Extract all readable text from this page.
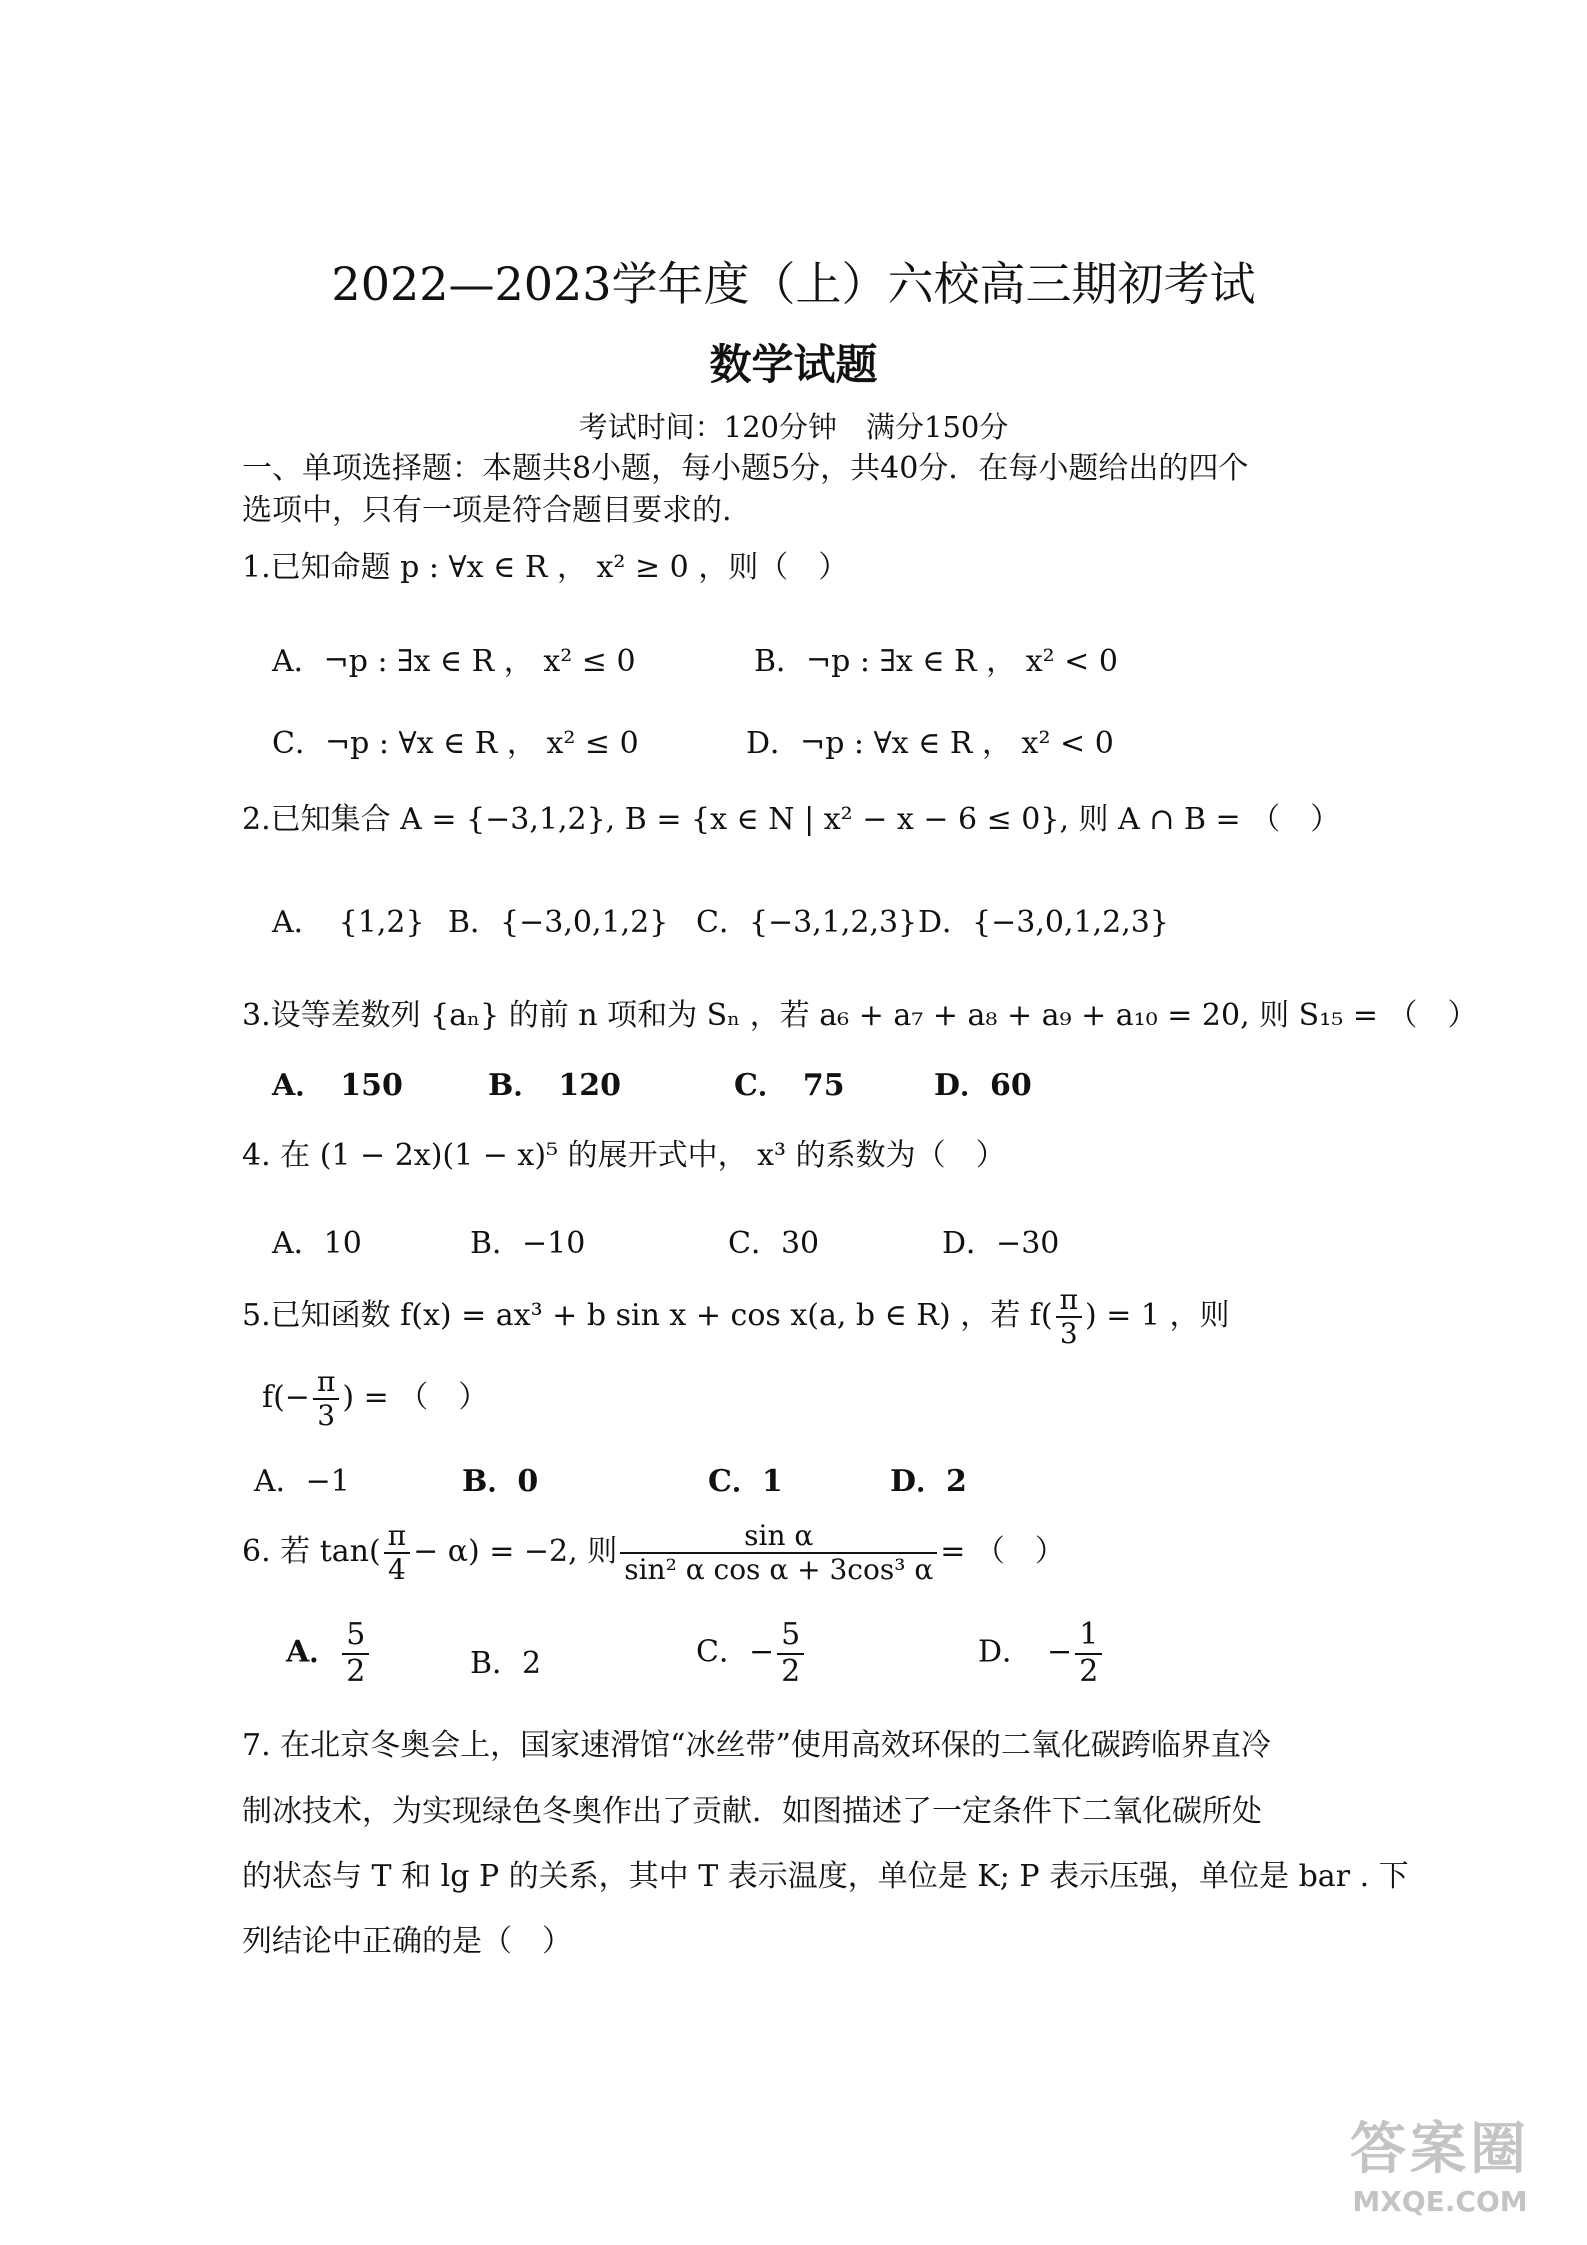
2022—2023学年度（上）六校高三期初考试
数学试题
考试时间：120分钟　满分150分
一、单项选择题：本题共8小题，每小题5分，共40分．在每小题给出的四个
选项中，只有一项是符合题目要求的.
1.已知命题 p : ∀x ∈ R ， x² ≥ 0 ，则（　）
A．¬p : ∃x ∈ R ， x² ≤ 0	B．¬p : ∃x ∈ R ， x² < 0
C．¬p : ∀x ∈ R ， x² ≤ 0	D．¬p : ∀x ∈ R ， x² < 0
2.已知集合 A = {−3,1,2}, B = {x ∈ N | x² − x − 6 ≤ 0}, 则 A ∩ B = （　）
A．　{1,2} B．{−3,0,1,2} C．{−3,1,2,3} D．{−3,0,1,2,3}
3.设等差数列 {aₙ} 的前 n 项和为 Sₙ ，若 a₆ + a₇ + a₈ + a₉ + a₁₀ = 20, 则 S₁₅ = （　）
A．　150	B．　120	C．　75	D．60
4. 在 (1 − 2x)(1 − x)⁵ 的展开式中， x³ 的系数为（　）
A．10	B．−10	C．30	D．−30
5.已知函数 f(x) = ax³ + b sin x + cos x(a, b ∈ R) ，若 $f( \frac{\pi}{3}$ ) = 1 ，则
$f(- \frac{\pi}{3}$ ) = （　）
A．−1	B．0	C．1	D．2
6. 若 $\tan( \frac{\pi}{4} - \alpha) = -2$, 则 $\frac{\text{sin α}}{\text{sin² α cos α + 3cos³ α}}$ = （　）
A． $\frac{5}{2}$	B．2	C．− $\frac{5}{2}$	D．　− $\frac{1}{2}$
7. 在北京冬奥会上，国家速滑馆“冰丝带”使用高效环保的二氧化碳跨临界直冷
制冰技术，为实现绿色冬奥作出了贡献．如图描述了一定条件下二氧化碳所处
的状态与 T 和 lg P 的关系，其中 T 表示温度，单位是 K; P 表示压强，单位是 bar . 下
列结论中正确的是（　）
答案圈
MXQE.COM
